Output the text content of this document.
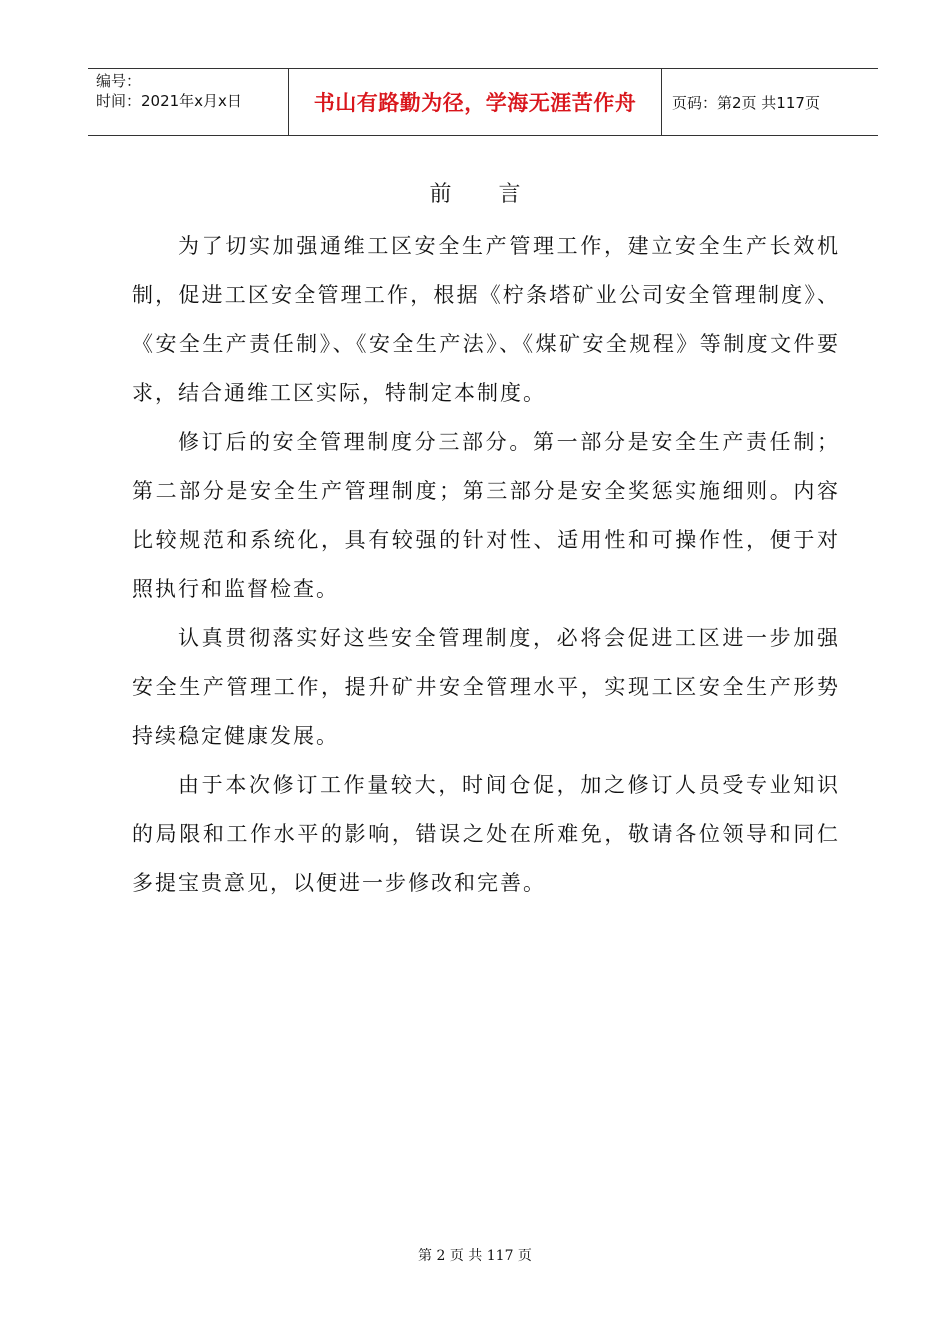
编号：
时间：2021年x月x日	书山有路勤为径，学海无涯苦作舟	页码：第2页 共117页
前 言

为了切实加强通维工区安全生产管理工作，建立安全生产长效机制，促进工区安全管理工作，根据《柠条塔矿业公司安全管理制度》、《安全生产责任制》、《安全生产法》、《煤矿安全规程》等制度文件要求，结合通维工区实际，特制定本制度。

修订后的安全管理制度分三部分。第一部分是安全生产责任制；第二部分是安全生产管理制度；第三部分是安全奖惩实施细则。内容比较规范和系统化，具有较强的针对性、适用性和可操作性，便于对照执行和监督检查。

认真贯彻落实好这些安全管理制度，必将会促进工区进一步加强安全生产管理工作，提升矿井安全管理水平，实现工区安全生产形势持续稳定健康发展。

由于本次修订工作量较大，时间仓促，加之修订人员受专业知识的局限和工作水平的影响，错误之处在所难免，敬请各位领导和同仁多提宝贵意见，以便进一步修改和完善。

第 2 页 共 117 页
